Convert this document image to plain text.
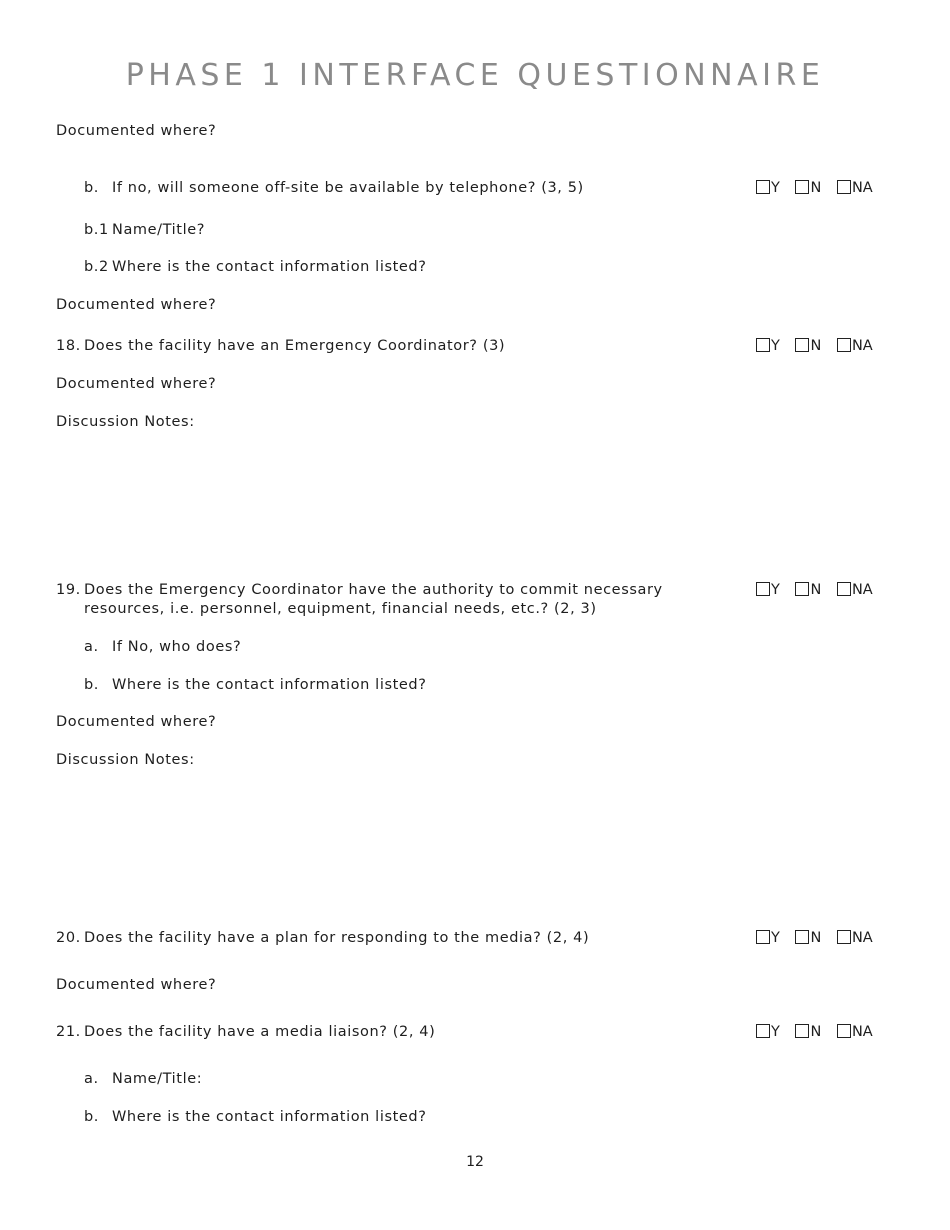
PHASE 1 INTERFACE QUESTIONNAIRE
Documented where?
b. If no, will someone off-site be available by telephone? (3, 5)	Y N NA
b.1 Name/Title?
b.2 Where is the contact information listed?
Documented where?
18. Does the facility have an Emergency Coordinator? (3)	Y N NA
Documented where?
Discussion Notes:
19. Does the Emergency Coordinator have the authority to commit necessary resources, i.e. personnel, equipment, financial needs, etc.? (2, 3)
Y N NA
a. If No, who does?
b. Where is the contact information listed?
Documented where?
Discussion Notes:
20. Does the facility have a plan for responding to the media? (2, 4)	Y N NA
Documented where?
21. Does the facility have a media liaison? (2, 4)	Y N NA
a. Name/Title:
b. Where is the contact information listed?
12
